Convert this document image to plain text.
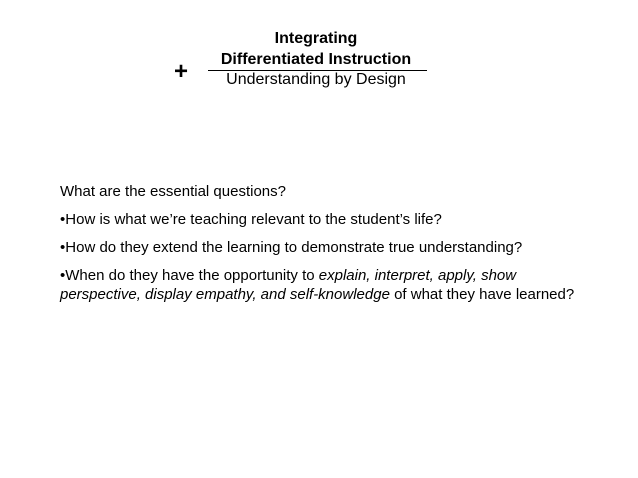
Integrating
Differentiated Instruction
+	Understanding by Design

What are the essential questions?

•How is what we’re teaching relevant to the student’s life?

•How do they extend the learning to demonstrate true understanding?

•When do they have the opportunity to explain, interpret, apply, show perspective, display empathy, and self-knowledge of what they have learned?
